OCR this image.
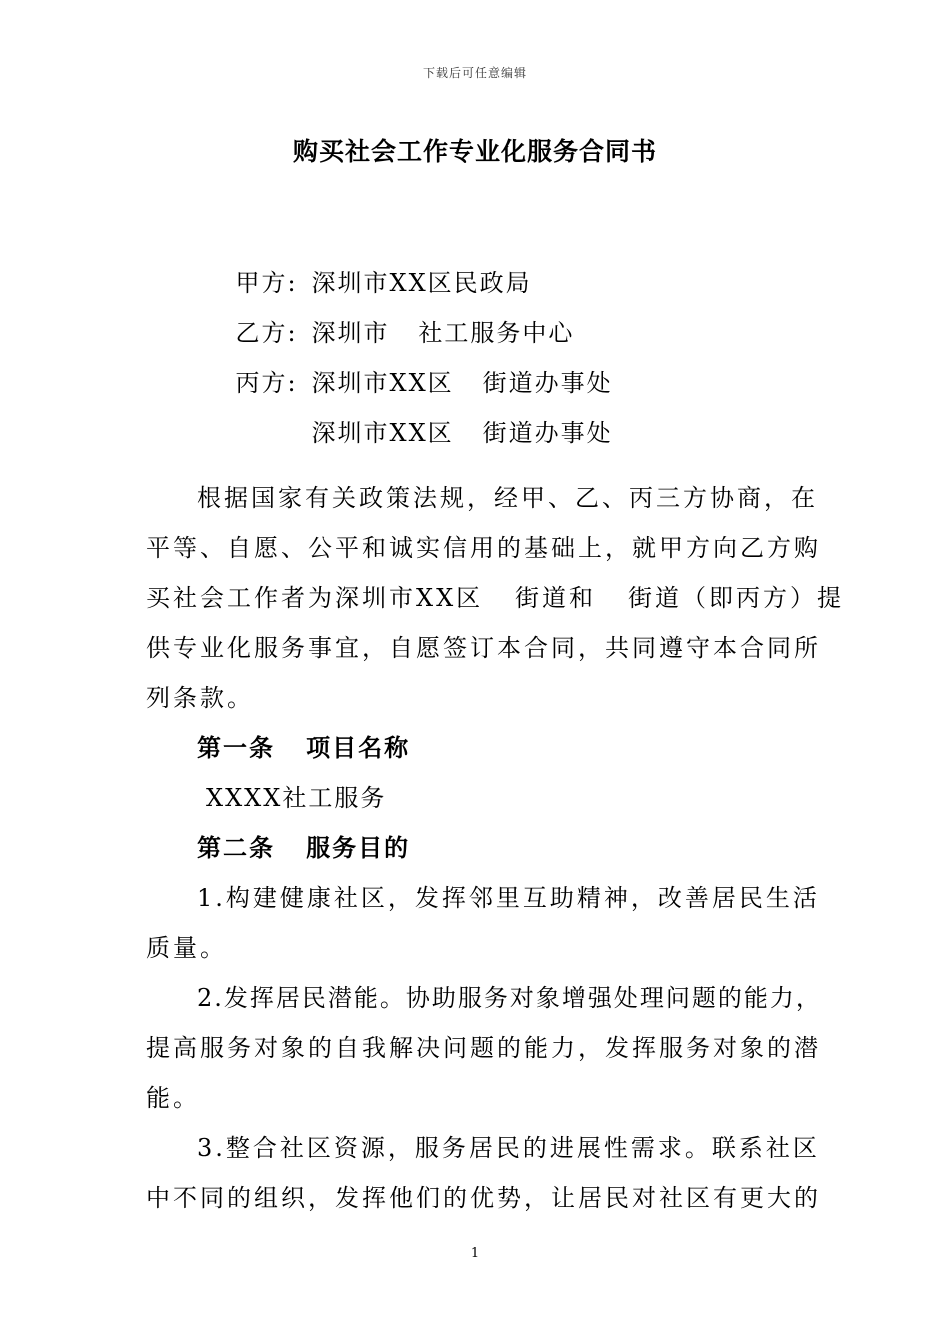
下载后可任意编辑
购买社会工作专业化服务合同书

甲方: 深圳市XX区民政局

乙方: 深圳市   社工服务中心

丙方: 深圳市XX区   街道办事处

深圳市XX区   街道办事处

根据国家有关政策法规，经甲、乙、丙三方协商，在
平等、自愿、公平和诚实信用的基础上，就甲方向乙方购
买社会工作者为深圳市XX区   街道和   街道（即丙方）提
供专业化服务事宜，自愿签订本合同，共同遵守本合同所
列条款。
第一条   项目名称
XXXX社工服务
第二条   服务目的
1.构建健康社区，发挥邻里互助精神，改善居民生活
质量。
2.发挥居民潜能。协助服务对象增强处理问题的能力，
提高服务对象的自我解决问题的能力，发挥服务对象的潜
能。
3.整合社区资源，服务居民的进展性需求。联系社区
中不同的组织，发挥他们的优势，让居民对社区有更大的
1
